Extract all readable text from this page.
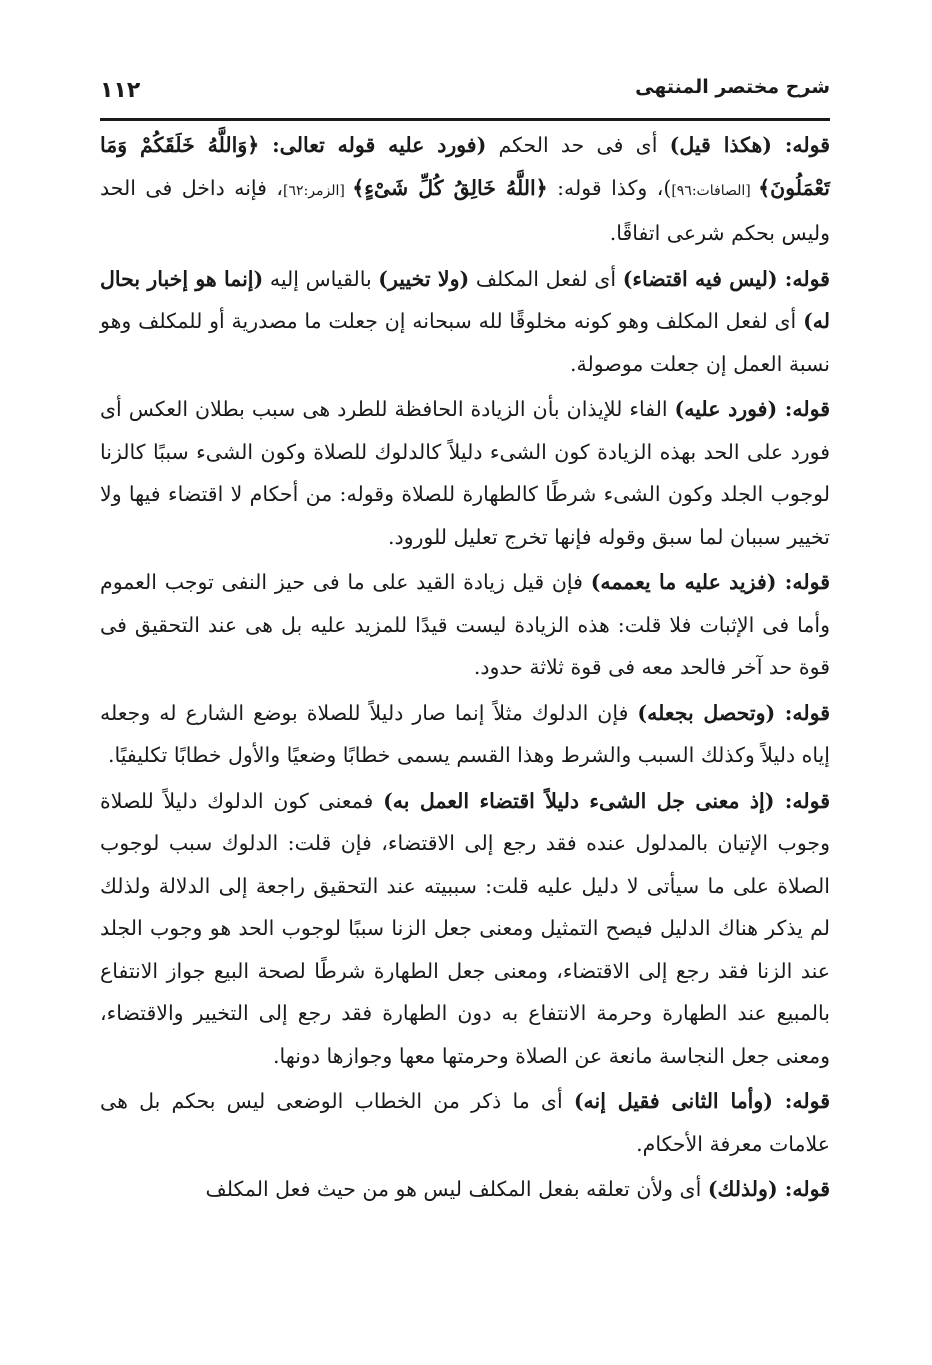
١١٢	شرح مختصر المنتهى

قوله: (هكذا قيل) أى فى حد الحكم (فورد عليه قوله تعالى: ﴿وَاللَّهُ خَلَقَكُمْ وَمَا تَعْمَلُونَ﴾ [الصافات:٩٦])، وكذا قوله: ﴿اللَّهُ خَالِقُ كُلِّ شَىْءٍ﴾ [الزمر:٦٢]، فإنه داخل فى الحد وليس بحكم شرعى اتفاقًا.

قوله: (ليس فيه اقتضاء) أى لفعل المكلف (ولا تخيير) بالقياس إليه (إنما هو إخبار بحال له) أى لفعل المكلف وهو كونه مخلوقًا لله سبحانه إن جعلت ما مصدرية أو للمكلف وهو نسبة العمل إن جعلت موصولة.

قوله: (فورد عليه) الفاء للإيذان بأن الزيادة الحافظة للطرد هى سبب بطلان العكس أى فورد على الحد بهذه الزيادة كون الشىء دليلاً كالدلوك للصلاة وكون الشىء سببًا كالزنا لوجوب الجلد وكون الشىء شرطًا كالطهارة للصلاة وقوله: من أحكام لا اقتضاء فيها ولا تخيير سببان لما سبق وقوله فإنها تخرج تعليل للورود.

قوله: (فزيد عليه ما يعممه) فإن قيل زيادة القيد على ما فى حيز النفى توجب العموم وأما فى الإثبات فلا قلت: هذه الزيادة ليست قيدًا للمزيد عليه بل هى عند التحقيق فى قوة حد آخر فالحد معه فى قوة ثلاثة حدود.

قوله: (وتحصل بجعله) فإن الدلوك مثلاً إنما صار دليلاً للصلاة بوضع الشارع له وجعله إياه دليلاً وكذلك السبب والشرط وهذا القسم يسمى خطابًا وضعيًا والأول خطابًا تكليفيًا.

قوله: (إذ معنى جل الشىء دليلاً اقتضاء العمل به) فمعنى كون الدلوك دليلاً للصلاة وجوب الإتيان بالمدلول عنده فقد رجع إلى الاقتضاء، فإن قلت: الدلوك سبب لوجوب الصلاة على ما سيأتى لا دليل عليه قلت: سببيته عند التحقيق راجعة إلى الدلالة ولذلك لم يذكر هناك الدليل فيصح التمثيل ومعنى جعل الزنا سببًا لوجوب الحد هو وجوب الجلد عند الزنا فقد رجع إلى الاقتضاء، ومعنى جعل الطهارة شرطًا لصحة البيع جواز الانتفاع بالمبيع عند الطهارة وحرمة الانتفاع به دون الطهارة فقد رجع إلى التخيير والاقتضاء، ومعنى جعل النجاسة مانعة عن الصلاة وحرمتها معها وجوازها دونها.

قوله: (وأما الثانى فقيل إنه) أى ما ذكر من الخطاب الوضعى ليس بحكم بل هى علامات معرفة الأحكام.

قوله: (ولذلك) أى ولأن تعلقه بفعل المكلف ليس هو من حيث فعل المكلف
